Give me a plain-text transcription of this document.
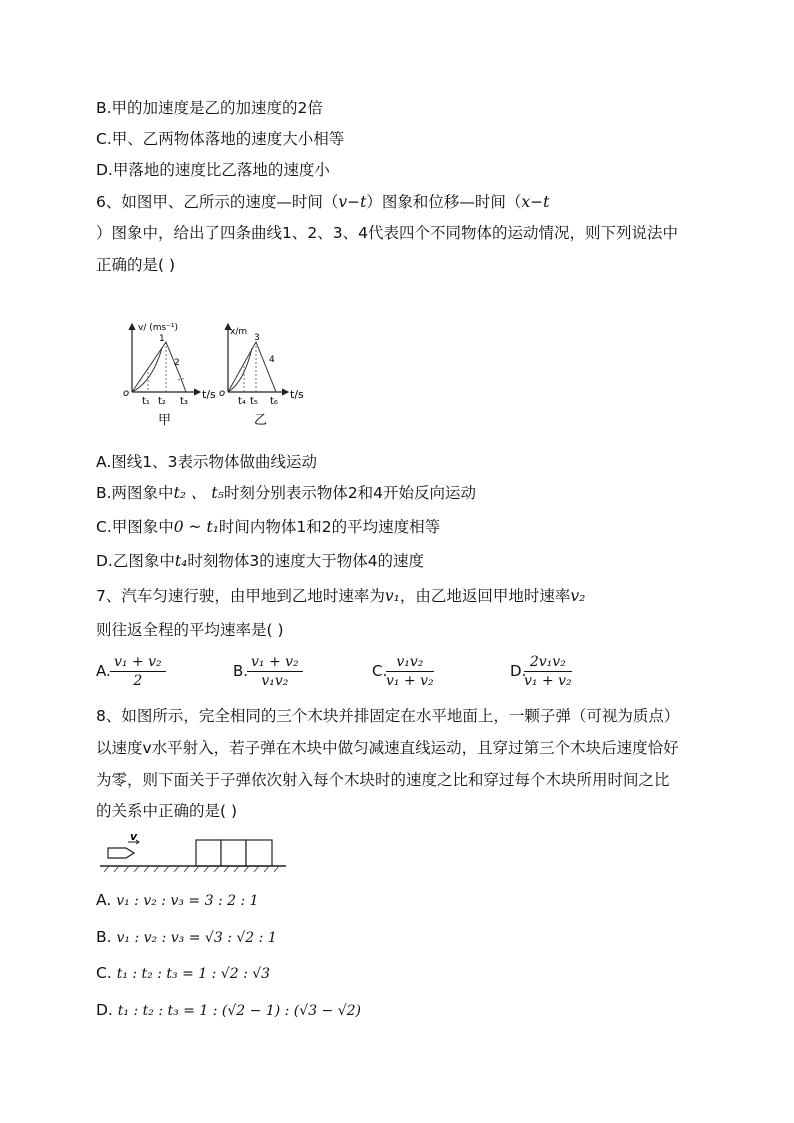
B.甲的加速度是乙的加速度的2倍
C.甲、乙两物体落地的速度大小相等
D.甲落地的速度比乙落地的速度小
6、如图甲、乙所示的速度—时间（v−t）图象和位移—时间（x−t
）图象中，给出了四条曲线1、2、3、4代表四个不同物体的运动情况，则下列说法中
正确的是( )
v/ (ms⁻¹)
t/s
o
1
2
t₁ t₂ t₃
甲
x/m
t/s
o
3
4
t₄ t₅ t₆
乙
A.图线1、3表示物体做曲线运动
B.两图象中t₂ 、 t₅时刻分别表示物体2和4开始反向运动
C.甲图象中0 ~ t₁时间内物体1和2的平均速度相等
D.乙图象中t₄时刻物体3的速度大于物体4的速度
7、汽车匀速行驶，由甲地到乙地时速率为v₁，由乙地返回甲地时速率v₂
则往返全程的平均速率是( )
A. $\frac{\text{v₁ + v₂}}{2}$	B.
$\frac{\text{v₁ + v₂}}{\text{v₁v₂}}$	C.
$\frac{\text{v₁v₂}}{\text{v₁ + v₂}}$	D.
$\frac{\text{2v₁v₂}}{\text{v₁ + v₂}}$
8、如图所示，完全相同的三个木块并排固定在水平地面上，一颗子弹（可视为质点）
以速度v水平射入，若子弹在木块中做匀减速直线运动，且穿过第三个木块后速度恰好
为零，则下面关于子弹依次射入每个木块时的速度之比和穿过每个木块所用时间之比
的关系中正确的是( )
v
A. v₁ : v₂ : v₃ = 3 : 2 : 1
B. v₁ : v₂ : v₃ = √3 : √2 : 1
C. t₁ : t₂ : t₃ = 1 : √2 : √3
D. t₁ : t₂ : t₃ = 1 : (√2 − 1) : (√3 − √2)
